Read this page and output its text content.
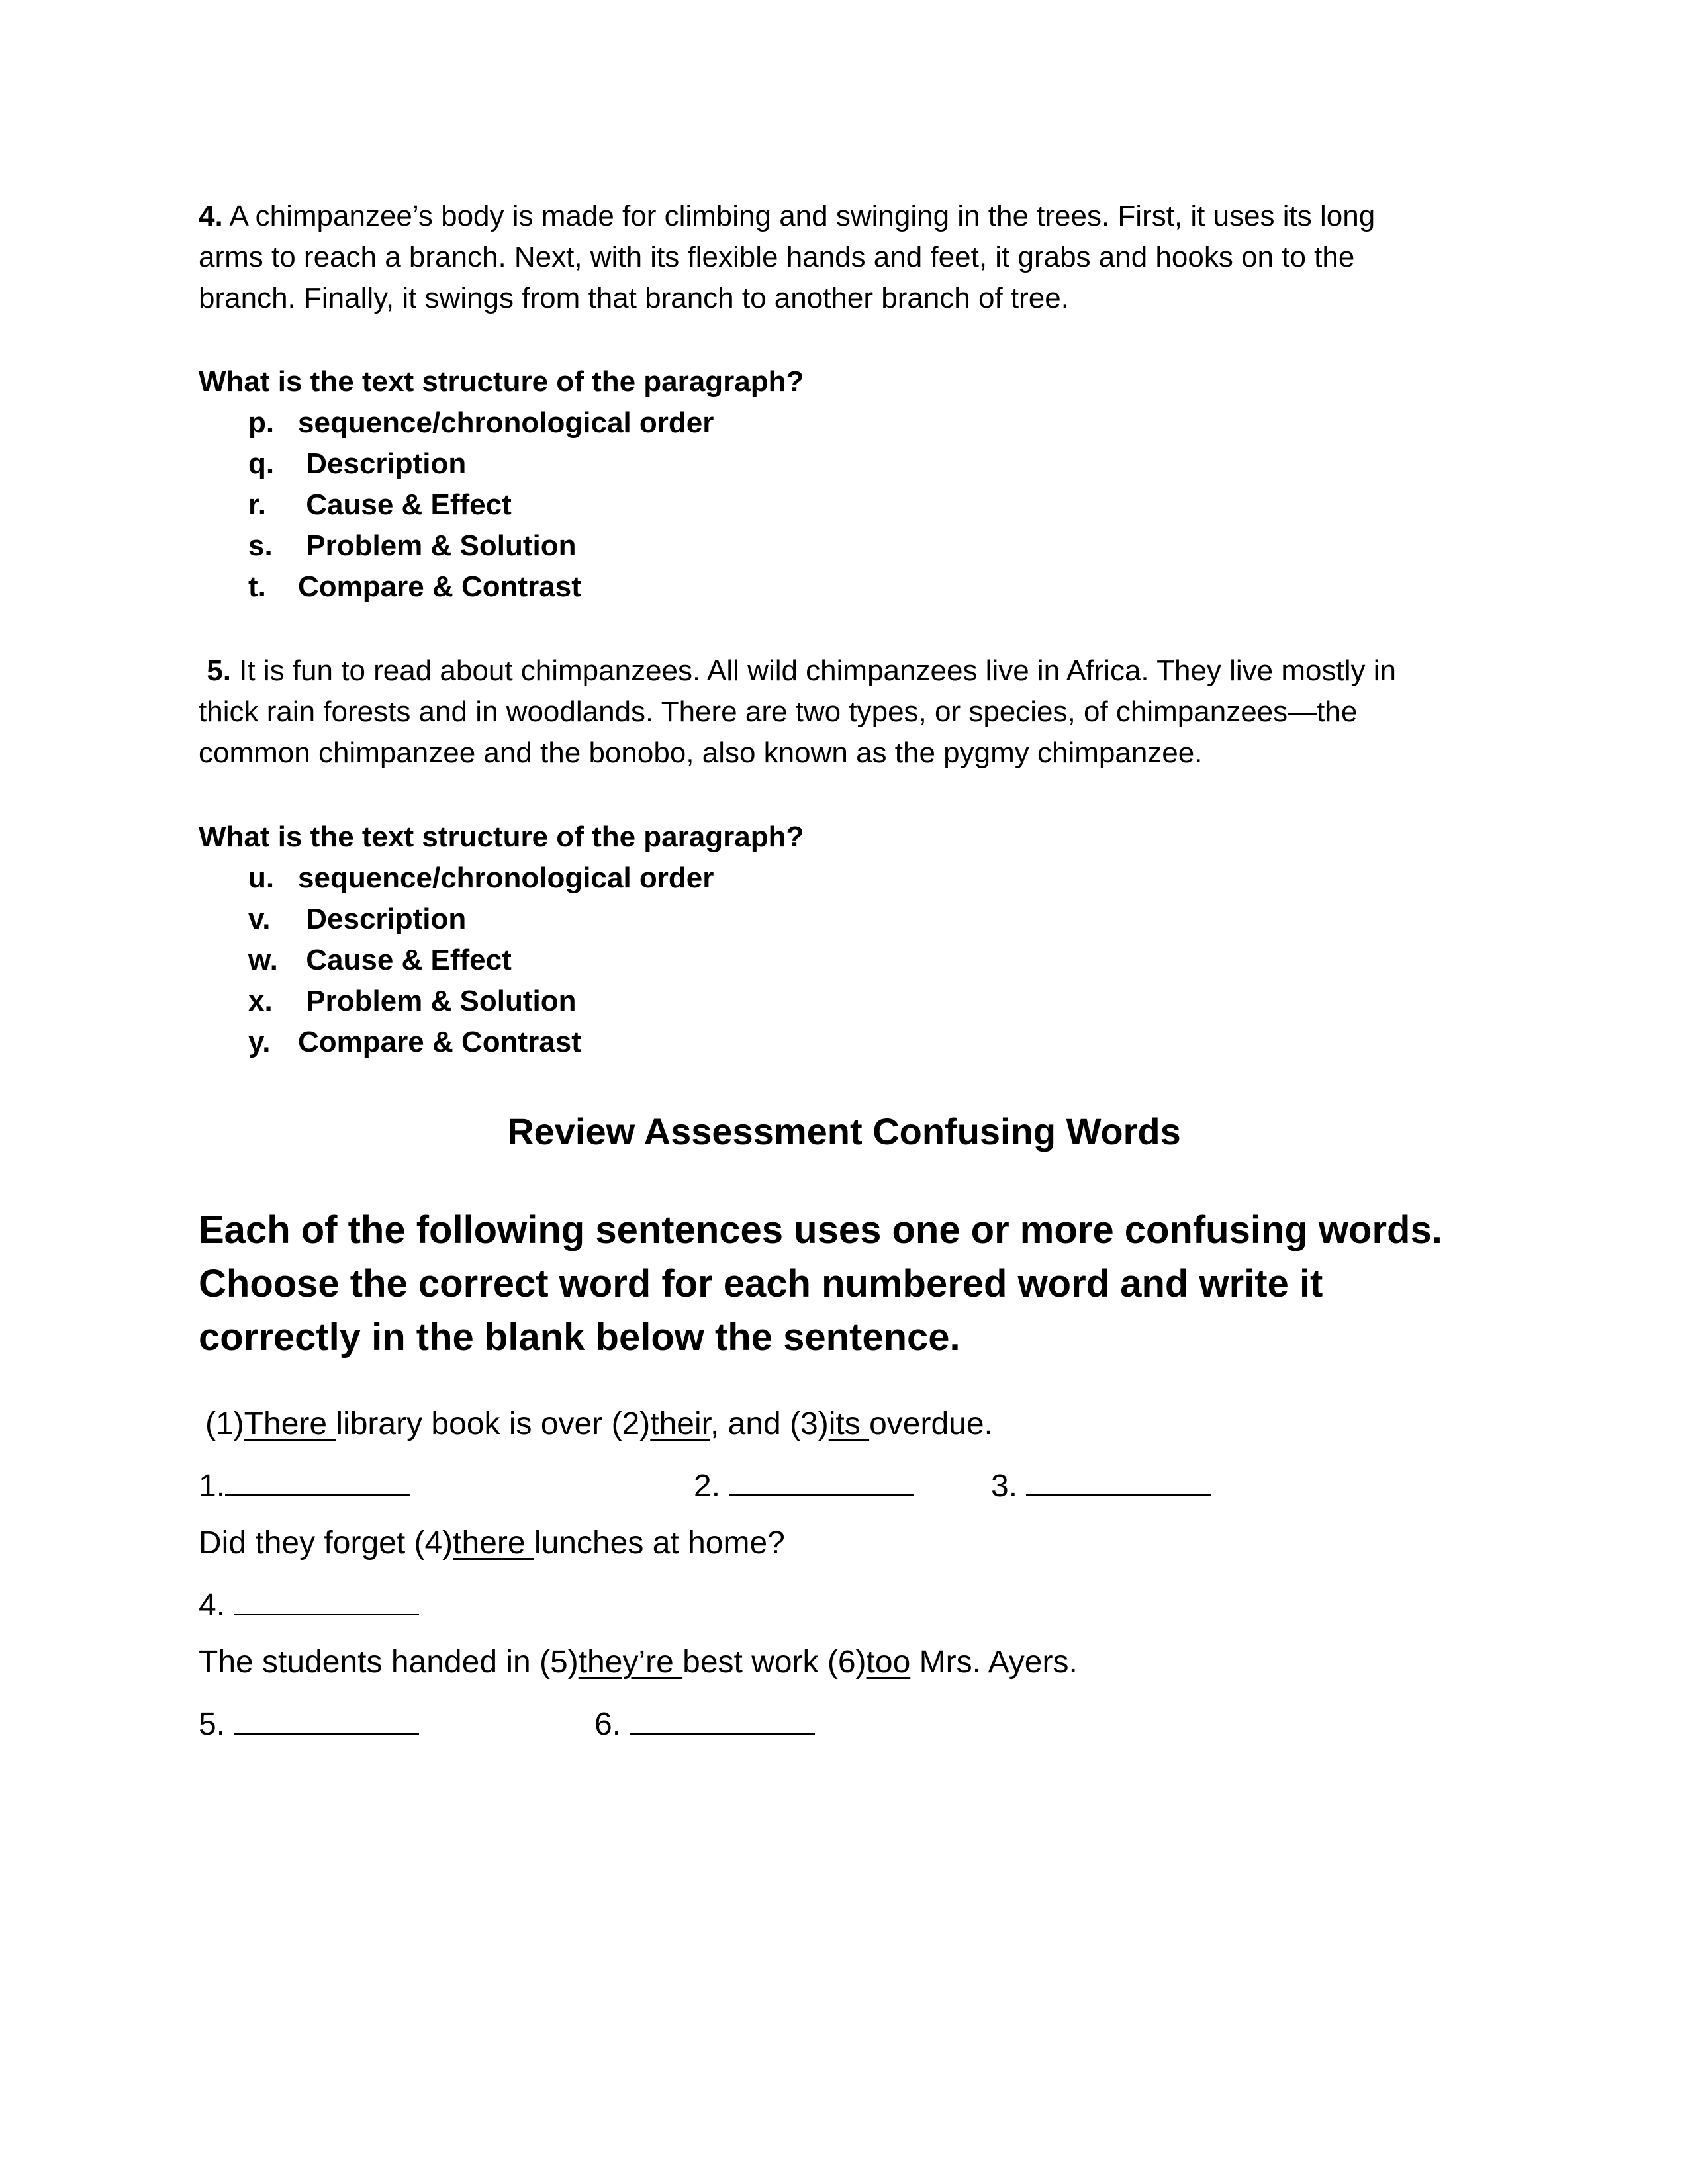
4. A chimpanzee’s body is made for climbing and swinging in the trees. First, it uses its long
arms to reach a branch. Next, with its flexible hands and feet, it grabs and hooks on to the
branch. Finally, it swings from that branch to another branch of tree.
What is the text structure of the paragraph?
p. sequence/chronological order
q. Description
r. Cause & Effect
s. Problem & Solution
t. Compare & Contrast
5. It is fun to read about chimpanzees. All wild chimpanzees live in Africa. They live mostly in
thick rain forests and in woodlands. There are two types, or species, of chimpanzees—the
common chimpanzee and the bonobo, also known as the pygmy chimpanzee.
What is the text structure of the paragraph?
u. sequence/chronological order
v. Description
w. Cause & Effect
x. Problem & Solution
y. Compare & Contrast
Review Assessment Confusing Words
Each of the following sentences uses one or more confusing words.
Choose the correct word for each numbered word and write it
correctly in the blank below the sentence.
(1)There library book is over (2)their, and (3)its overdue.
1.	2.	3.
Did they forget (4)there lunches at home?
4.
The students handed in (5)they’re best work (6)too Mrs. Ayers.
5.	6.
